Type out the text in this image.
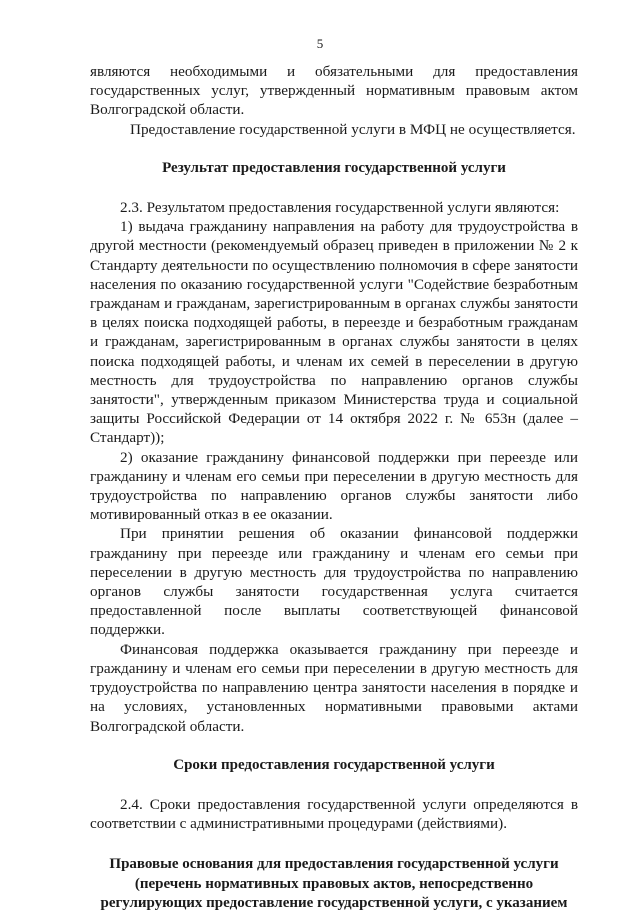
5

являются необходимыми и обязательными для предоставления государственных услуг, утвержденный нормативным правовым актом Волгоградской области.

Предоставление государственной услуги в МФЦ не осуществляется.

Результат предоставления государственной услуги

2.3. Результатом предоставления государственной услуги являются:

1) выдача гражданину направления на работу для трудоустройства в другой местности (рекомендуемый образец приведен в приложении № 2 к Стандарту деятельности по осуществлению полномочия в сфере занятости населения по оказанию государственной услуги "Содействие безработным гражданам и гражданам, зарегистрированным в органах службы занятости в целях поиска подходящей работы, в переезде и безработным гражданам и гражданам, зарегистрированным в органах службы занятости в целях поиска подходящей работы, и членам их семей в переселении в другую местность для трудоустройства по направлению органов службы занятости", утвержденным приказом Министерства труда и социальной защиты Российской Федерации от 14 октября 2022 г. № 653н (далее – Стандарт));

2) оказание гражданину финансовой поддержки при переезде или гражданину и членам его семьи при переселении в другую местность для трудоустройства по направлению органов службы занятости либо мотивированный отказ в ее оказании.

При принятии решения об оказании финансовой поддержки гражданину при переезде или гражданину и членам его семьи при переселении в другую местность для трудоустройства по направлению органов службы занятости государственная услуга считается предоставленной после выплаты соответствующей финансовой поддержки.

Финансовая поддержка оказывается гражданину при переезде и гражданину и членам его семьи при переселении в другую местность для трудоустройства по направлению центра занятости населения в порядке и на условиях, установленных нормативными правовыми актами Волгоградской области.

Сроки предоставления государственной услуги

2.4. Сроки предоставления государственной услуги определяются в соответствии с административными процедурами (действиями).

Правовые основания для предоставления государственной услуги (перечень нормативных правовых актов, непосредственно регулирующих предоставление государственной услуги, с указанием
